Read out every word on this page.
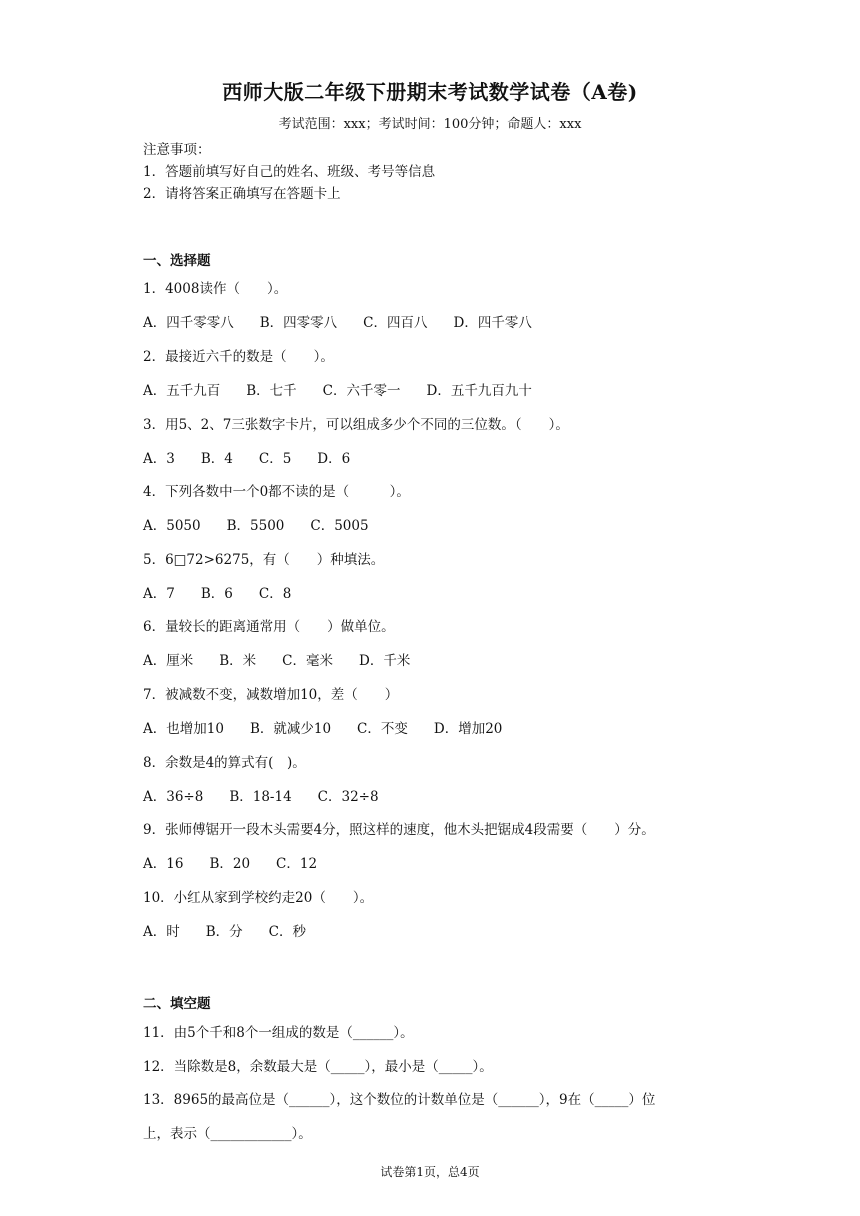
西师大版二年级下册期末考试数学试卷（A卷)
考试范围：xxx；考试时间：100分钟；命题人：xxx
注意事项：
1．答题前填写好自己的姓名、班级、考号等信息
2．请将答案正确填写在答题卡上
一、选择题
1．4008读作（　　）。
A．四千零零八 B．四零零八 C．四百八 D．四千零八
2．最接近六千的数是（　　）。
A．五千九百 B．七千 C．六千零一 D．五千九百九十
3．用5、2、7三张数字卡片，可以组成多少个不同的三位数。（　　）。
A．3 B．4 C．5 D．6
4．下列各数中一个0都不读的是（　　　）。
A．5050 B．5500 C．5005
5．6□72>6275，有（　　）种填法。
A．7 B．6 C．8
6．量较长的距离通常用（　　）做单位。
A．厘米 B．米 C．毫米 D．千米
7．被减数不变，减数增加10，差（　　）
A．也增加10 B．就减少10 C．不变 D．增加20
8．余数是4的算式有(　)。
A．36÷8 B．18-14 C．32÷8
9．张师傅锯开一段木头需要4分，照这样的速度，他木头把锯成4段需要（　　）分。
A．16 B．20 C．12
10．小红从家到学校约走20（　　）。
A．时 B．分 C．秒
二、填空题
11．由5个千和8个一组成的数是（______）。
12．当除数是8，余数最大是（_____），最小是（_____）。
13．8965的最高位是（______），这个数位的计数单位是（______），9在（_____）位
上，表示（____________）。
试卷第1页，总4页
